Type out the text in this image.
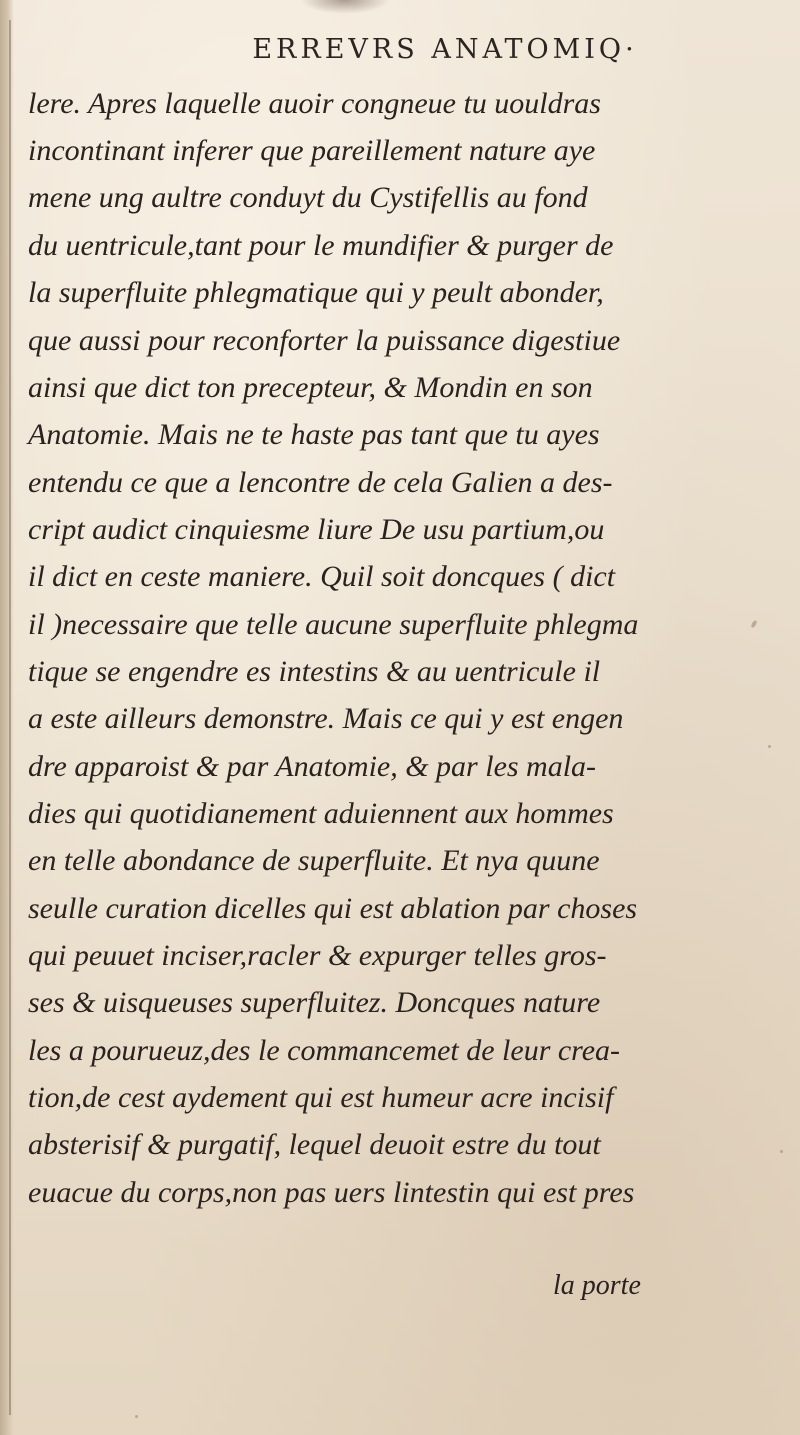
ERREVRS ANATOMIQ·
lere. Apres laquelle auoir congneue tu uouldras
incontinant inferer que pareillement nature aye
mene ung aultre conduyt du Cystifellis au fond
du uentricule,tant pour le mundifier & purger de
la superfluite phlegmatique qui y peult abonder,
que aussi pour reconforter la puissance digestiue
ainsi que dict ton precepteur, & Mondin en son
Anatomie. Mais ne te haste pas tant que tu ayes
entendu ce que a lencontre de cela Galien a des-
cript audict cinquiesme liure De usu partium,ou
il dict en ceste maniere. Quil soit doncques ( dict
il )necessaire que telle aucune superfluite phlegma
tique se engendre es intestins & au uentricule il
a este ailleurs demonstre. Mais ce qui y est engen
dre apparoist & par Anatomie, & par les mala-
dies qui quotidianement aduiennent aux hommes
en telle abondance de superfluite. Et nya quune
seulle curation dicelles qui est ablation par choses
qui peuuet inciser,racler & expurger telles gros-
ses & uisqueuses superfluitez. Doncques nature
les a pourueuz,des le commancemet de leur crea-
tion,de cest aydement qui est humeur acre incisif
absterisif & purgatif, lequel deuoit estre du tout
euacue du corps,non pas uers lintestin qui est pres
la porte
